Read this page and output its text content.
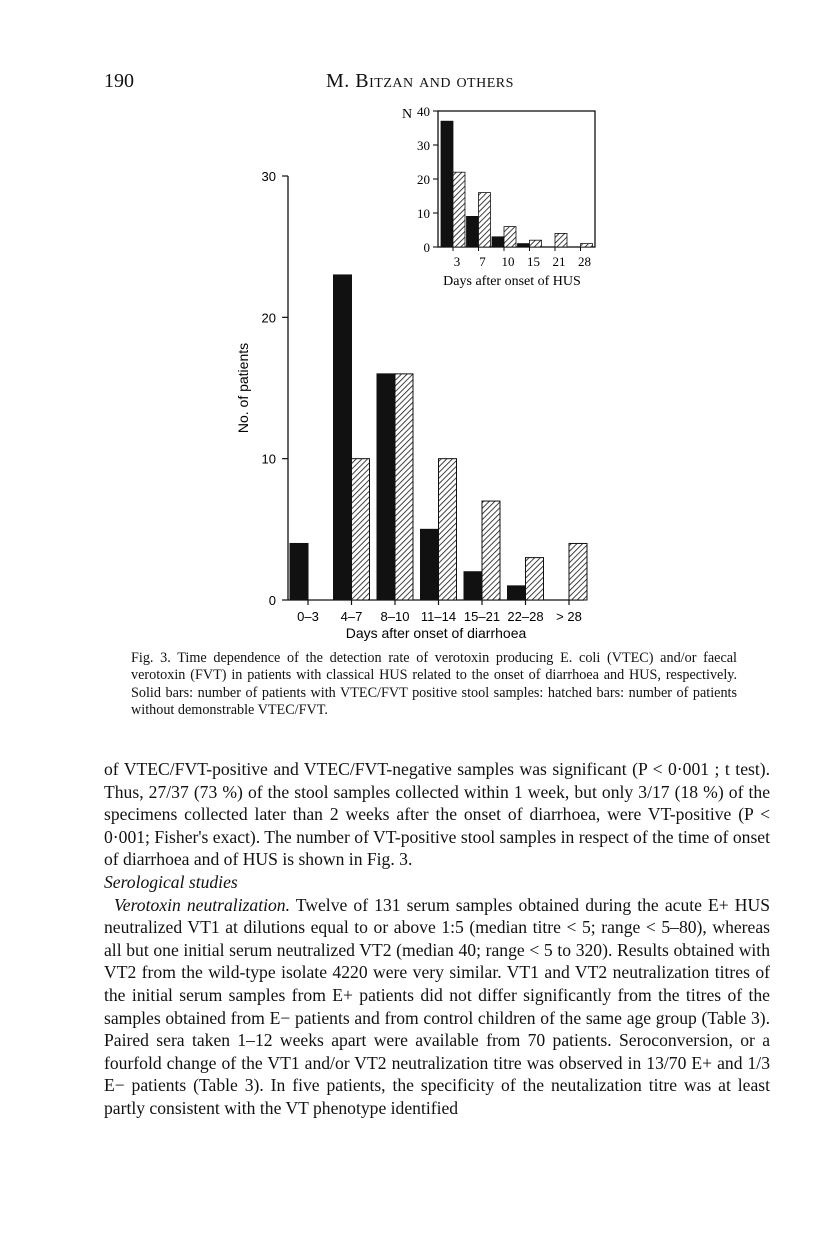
190	M. Bitzan and others
0
10
20
30
0–3 4–7 8–10 11–14 15–21 22–28 > 28
No. of patients
Days after onset of diarrhoea
N
0
10
20
30
40
3 7 10 15 21 28
Days after onset of HUS
Fig. 3. Time dependence of the detection rate of verotoxin producing E. coli (VTEC) and/or faecal verotoxin (FVT) in patients with classical HUS related to the onset of diarrhoea and HUS, respectively. Solid bars: number of patients with VTEC/FVT positive stool samples: hatched bars: number of patients without demonstrable VTEC/FVT.

of VTEC/FVT-positive and VTEC/FVT-negative samples was significant (P < 0·001 ; t test). Thus, 27/37 (73 %) of the stool samples collected within 1 week, but only 3/17 (18 %) of the specimens collected later than 2 weeks after the onset of diarrhoea, were VT-positive (P < 0·001; Fisher's exact). The number of VT-positive stool samples in respect of the time of onset of diarrhoea and of HUS is shown in Fig. 3.

Serological studies

Verotoxin neutralization. Twelve of 131 serum samples obtained during the acute E+ HUS neutralized VT1 at dilutions equal to or above 1:5 (median titre < 5; range < 5–80), whereas all but one initial serum neutralized VT2 (median 40; range < 5 to 320). Results obtained with VT2 from the wild-type isolate 4220 were very similar. VT1 and VT2 neutralization titres of the initial serum samples from E+ patients did not differ significantly from the titres of the samples obtained from E− patients and from control children of the same age group (Table 3). Paired sera taken 1–12 weeks apart were available from 70 patients. Seroconversion, or a fourfold change of the VT1 and/or VT2 neutralization titre was observed in 13/70 E+ and 1/3 E− patients (Table 3). In five patients, the specificity of the neutalization titre was at least partly consistent with the VT phenotype identified
